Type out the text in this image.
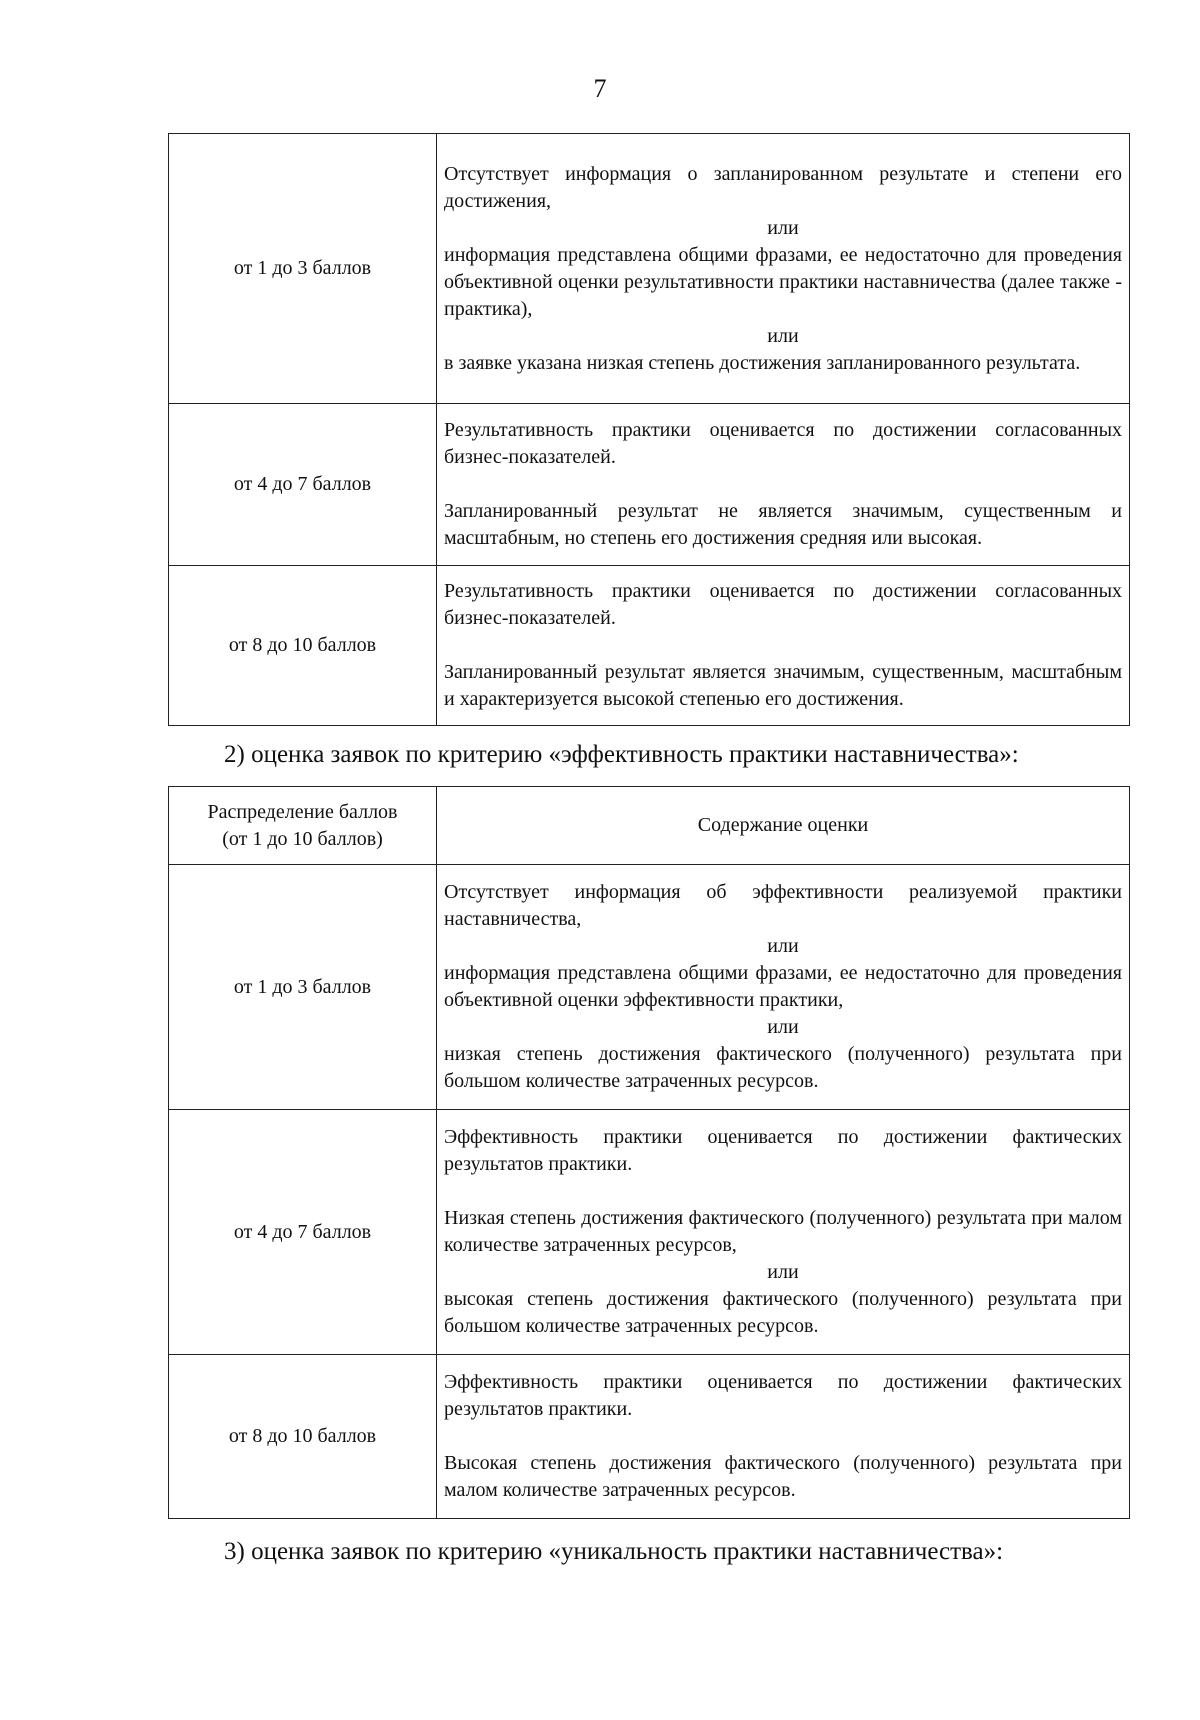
7
от 1 до 3 баллов	Отсутствует информация о запланированном результате и степени его достижения,

или

информация представлена общими фразами, ее недостаточно для проведения объективной оценки результативности практики наставничества (далее также - практика),

или

в заявке указана низкая степень достижения запланированного результата.

от 4 до 7 баллов	Результативность практики оценивается по достижении согласованных бизнес-показателей.

Запланированный результат не является значимым, существенным и масштабным, но степень его достижения средняя или высокая.

от 8 до 10 баллов	Результативность практики оценивается по достижении согласованных бизнес-показателей.

Запланированный результат является значимым, существенным, масштабным и характеризуется высокой степенью его достижения.

2) оценка заявок по критерию «эффективность практики наставничества»:
Распределение баллов
(от 1 до 10 баллов)	Содержание оценки
от 1 до 3 баллов	Отсутствует информация об эффективности реализуемой практики наставничества,

или

информация представлена общими фразами, ее недостаточно для проведения объективной оценки эффективности практики,

или

низкая степень достижения фактического (полученного) результата при большом количестве затраченных ресурсов.

от 4 до 7 баллов	Эффективность практики оценивается по достижении фактических результатов практики.

Низкая степень достижения фактического (полученного) результата при малом количестве затраченных ресурсов,

или

высокая степень достижения фактического (полученного) результата при большом количестве затраченных ресурсов.

от 8 до 10 баллов	Эффективность практики оценивается по достижении фактических результатов практики.

Высокая степень достижения фактического (полученного) результата при малом количестве затраченных ресурсов.

3) оценка заявок по критерию «уникальность практики наставничества»:
